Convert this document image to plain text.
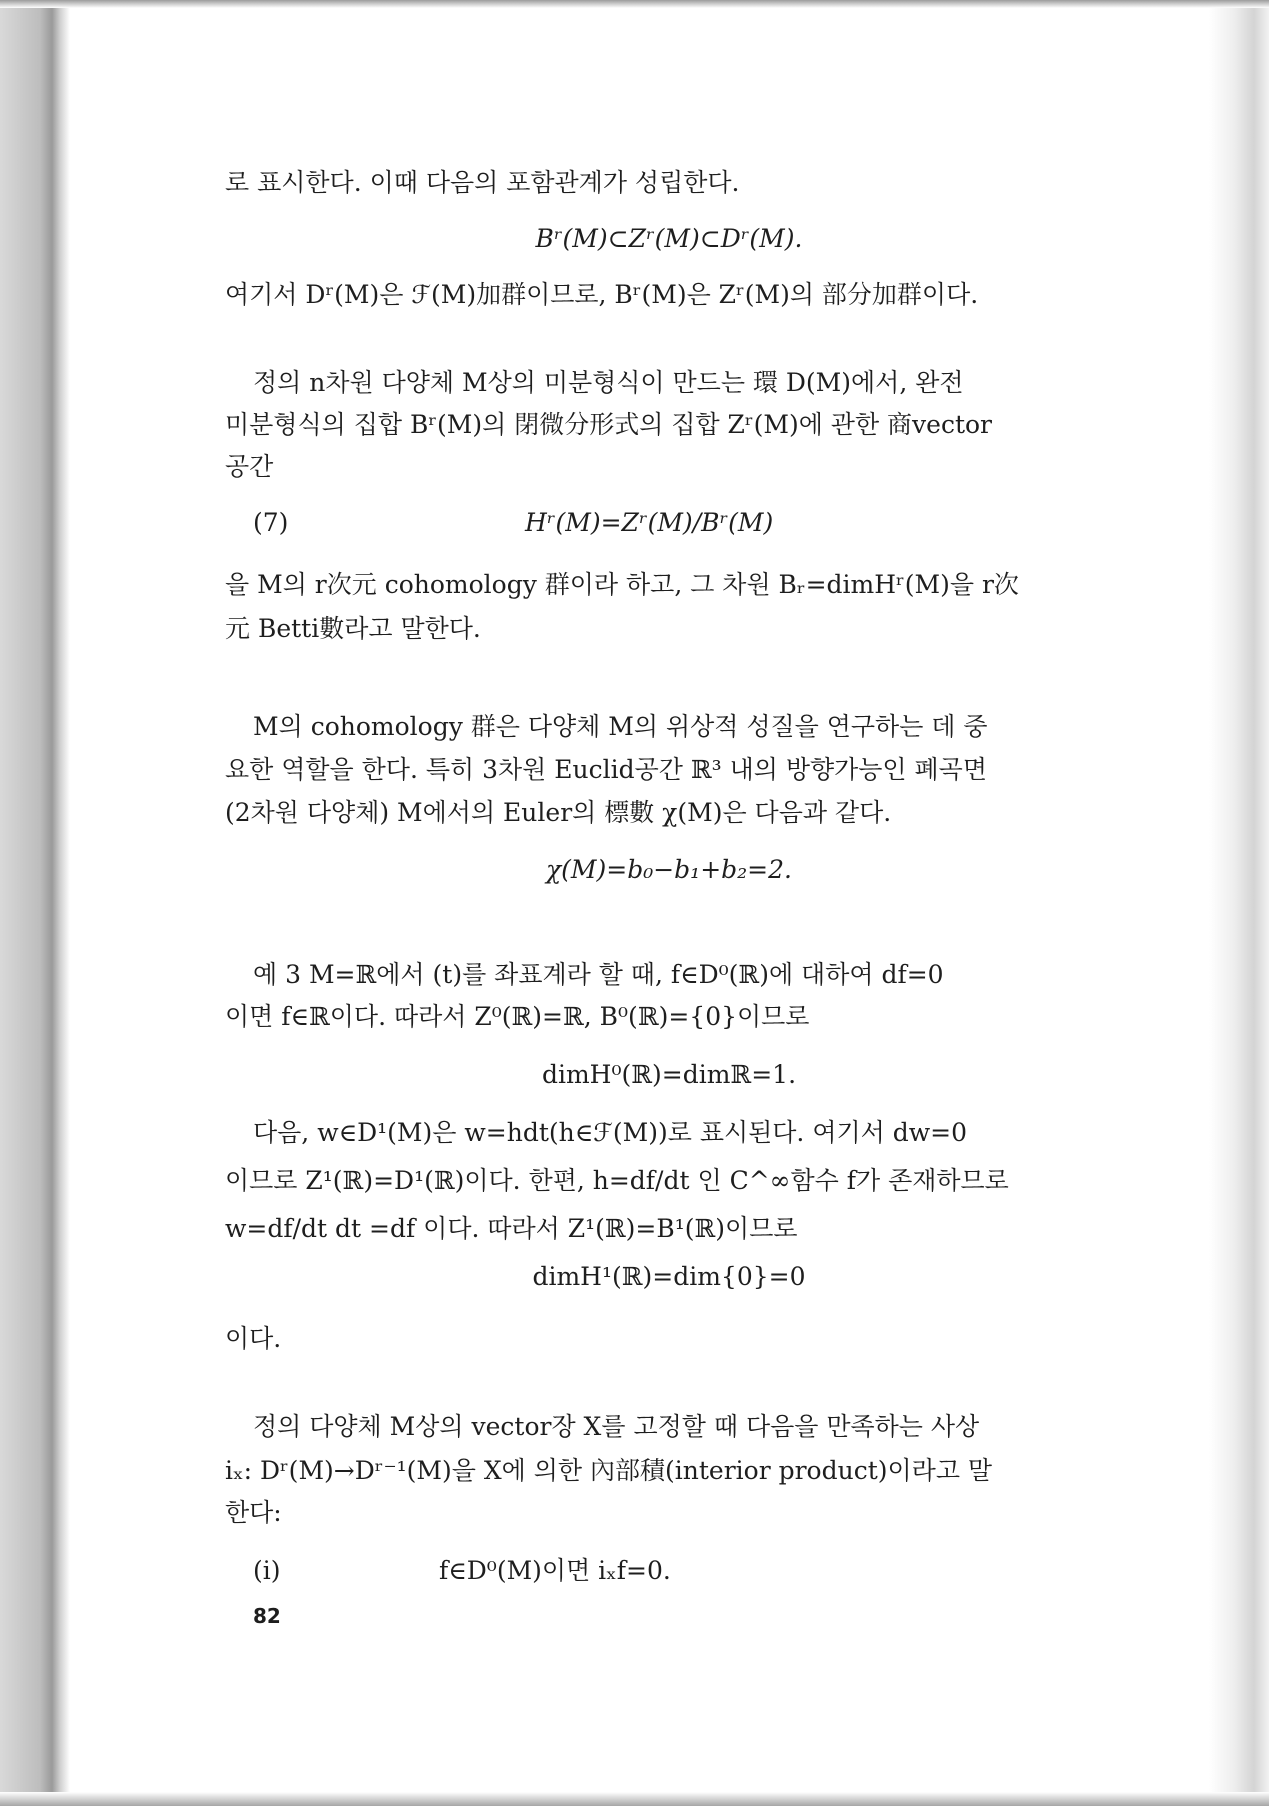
로 표시한다. 이때 다음의 포함관계가 성립한다.
Bʳ(M)⊂Zʳ(M)⊂Dʳ(M).
여기서 Dʳ(M)은 ℱ(M)加群이므로, Bʳ(M)은 Zʳ(M)의 部分加群이다.
정의 n차원 다양체 M상의 미분형식이 만드는 環 D(M)에서, 완전
미분형식의 집합 Bʳ(M)의 閉微分形式의 집합 Zʳ(M)에 관한 商vector
공간
(7)	Hʳ(M)=Zʳ(M)/Bʳ(M)
을 M의 r次元 cohomology 群이라 하고, 그 차원 Bᵣ=dimHʳ(M)을 r次
元 Betti數라고 말한다.
M의 cohomology 群은 다양체 M의 위상적 성질을 연구하는 데 중
요한 역할을 한다. 특히 3차원 Euclid공간 ℝ³ 내의 방향가능인 폐곡면
(2차원 다양체) M에서의 Euler의 標數 χ(M)은 다음과 같다.
χ(M)=b₀−b₁+b₂=2.
예 3 M=ℝ에서 (t)를 좌표계라 할 때, f∈D⁰(ℝ)에 대하여 df=0
이면 f∈ℝ이다. 따라서 Z⁰(ℝ)=ℝ, B⁰(ℝ)={0}이므로
dimH⁰(ℝ)=dimℝ=1.
다음, w∈D¹(M)은 w=hdt(h∈ℱ(M))로 표시된다. 여기서 dw=0
이므로 Z¹(ℝ)=D¹(ℝ)이다. 한편, h=df/dt 인 C^∞함수 f가 존재하므로
w=df/dt dt =df 이다. 따라서 Z¹(ℝ)=B¹(ℝ)이므로
dimH¹(ℝ)=dim{0}=0
이다.
정의 다양체 M상의 vector장 X를 고정할 때 다음을 만족하는 사상
iₓ: Dʳ(M)→Dʳ⁻¹(M)을 X에 의한 內部積(interior product)이라고 말
한다:
(i)	f∈D⁰(M)이면 iₓf=0.
82
